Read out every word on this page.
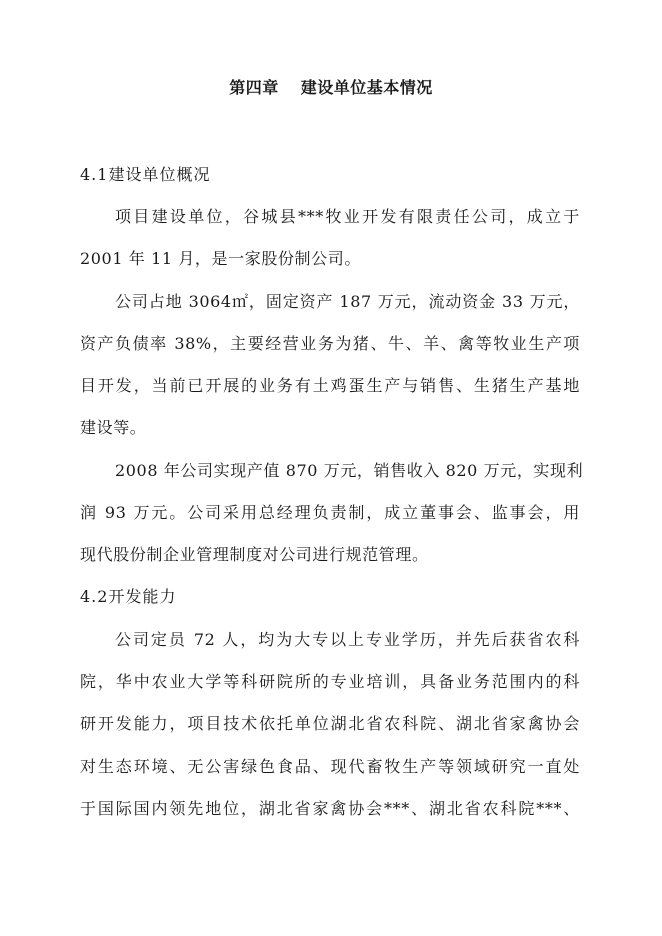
第四章 建设单位基本情况
4.1建设单位概况
项目建设单位，谷城县***牧业开发有限责任公司，成立于
2001 年 11 月，是一家股份制公司。
公司占地 3064㎡，固定资产 187 万元，流动资金 33 万元，
资产负债率 38%，主要经营业务为猪、牛、羊、禽等牧业生产项
目开发，当前已开展的业务有土鸡蛋生产与销售、生猪生产基地
建设等。
2008 年公司实现产值 870 万元，销售收入 820 万元，实现利
润 93 万元。公司采用总经理负责制，成立董事会、监事会，用
现代股份制企业管理制度对公司进行规范管理。
4.2开发能力
公司定员 72 人，均为大专以上专业学历，并先后获省农科
院，华中农业大学等科研院所的专业培训，具备业务范围内的科
研开发能力，项目技术依托单位湖北省农科院、湖北省家禽协会
对生态环境、无公害绿色食品、现代畜牧生产等领域研究一直处
于国际国内领先地位，湖北省家禽协会***、湖北省农科院***、
